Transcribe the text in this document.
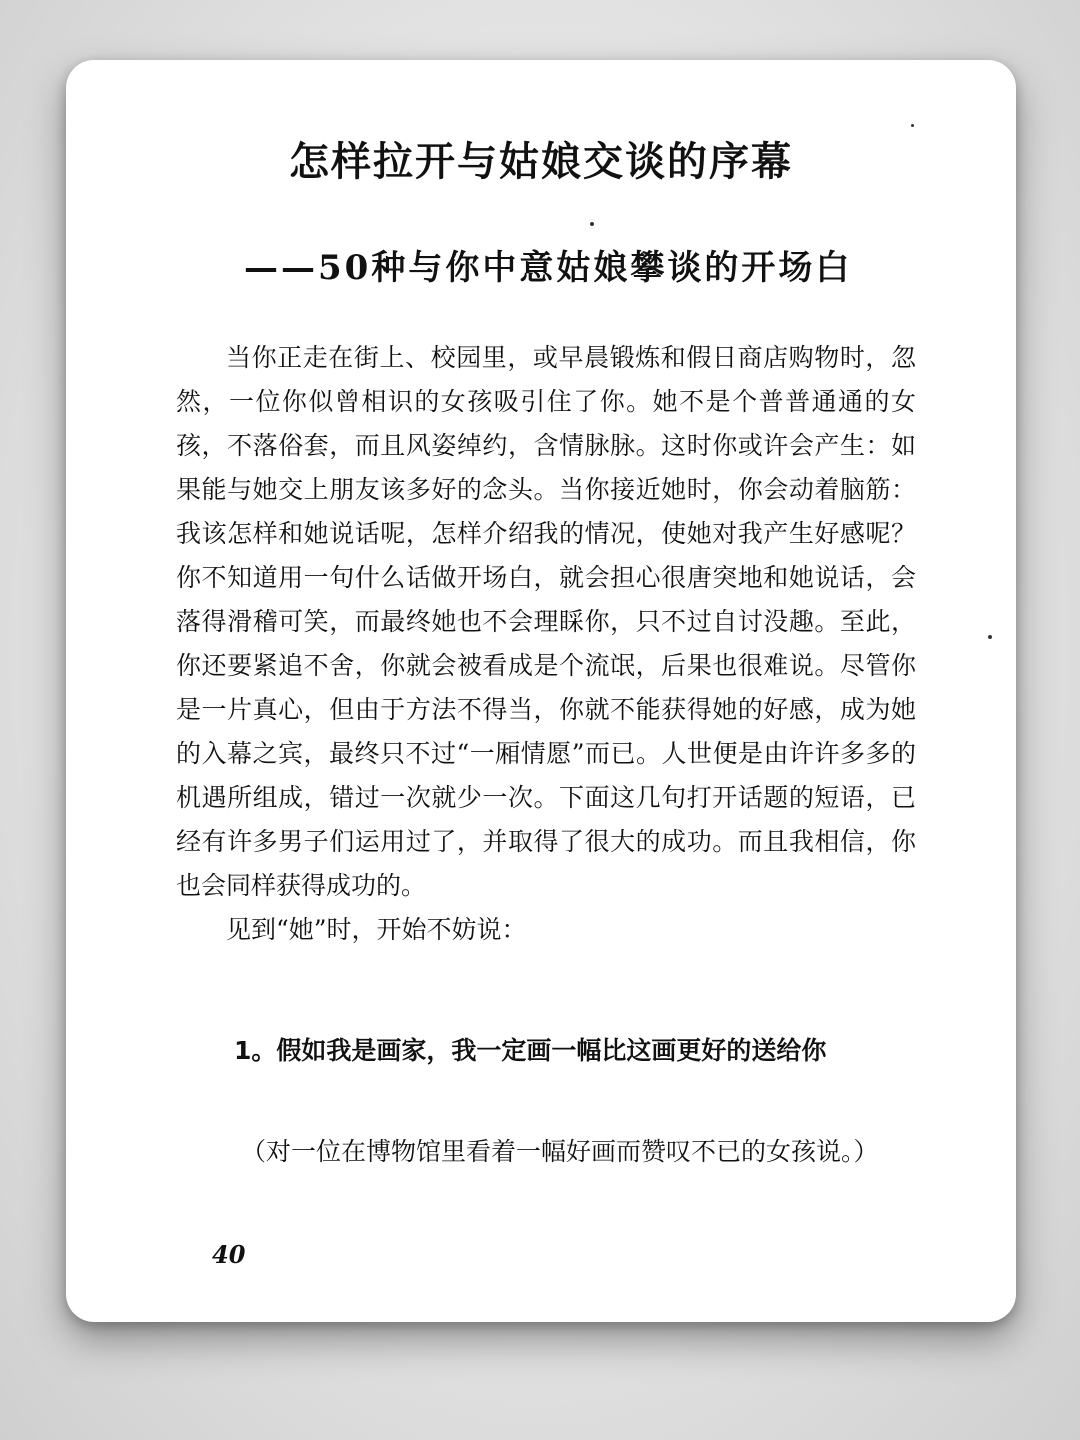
怎样拉开与姑娘交谈的序幕
——50种与你中意姑娘攀谈的开场白

当你正走在街上、校园里，或早晨锻炼和假日商店购物时，忽然，一位你似曾相识的女孩吸引住了你。她不是个普普通通的女孩，不落俗套，而且风姿绰约，含情脉脉。这时你或许会产生：如果能与她交上朋友该多好的念头。当你接近她时，你会动着脑筋：我该怎样和她说话呢，怎样介绍我的情况，使她对我产生好感呢？你不知道用一句什么话做开场白，就会担心很唐突地和她说话，会落得滑稽可笑，而最终她也不会理睬你，只不过自讨没趣。至此，你还要紧追不舍，你就会被看成是个流氓，后果也很难说。尽管你是一片真心，但由于方法不得当，你就不能获得她的好感，成为她的入幕之宾，最终只不过“一厢情愿”而已。人世便是由许许多多的机遇所组成，错过一次就少一次。下面这几句打开话题的短语，已经有许多男子们运用过了，并取得了很大的成功。而且我相信，你也会同样获得成功的。

见到“她”时，开始不妨说：

1。假如我是画家，我一定画一幅比这画更好的送给你

（对一位在博物馆里看着一幅好画而赞叹不已的女孩说。）

40
